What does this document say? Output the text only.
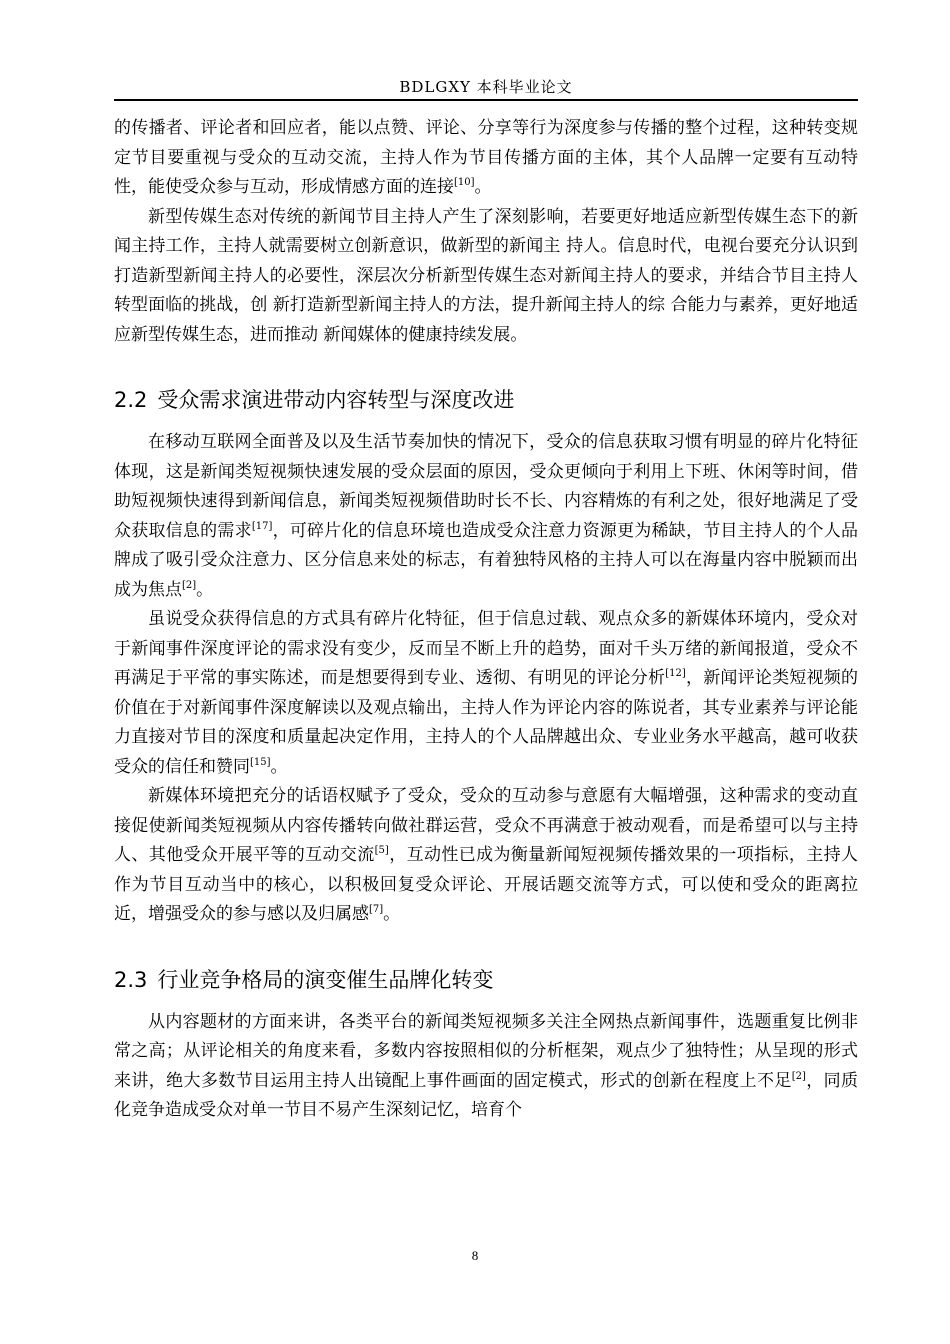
BDLGXY 本科毕业论文

的传播者、评论者和回应者，能以点赞、评论、分享等行为深度参与传播的整个过程，这种转变规定节目要重视与受众的互动交流，主持人作为节目传播方面的主体，其个人品牌一定要有互动特性，能使受众参与互动，形成情感方面的连接[10]。

新型传媒生态对传统的新闻节目主持人产生了深刻影响，若要更好地适应新型传媒生态下的新闻主持工作，主持人就需要树立创新意识，做新型的新闻主 持人。信息时代，电视台要充分认识到打造新型新闻主持人的必要性，深层次分析新型传媒生态对新闻主持人的要求，并结合节目主持人转型面临的挑战，创 新打造新型新闻主持人的方法，提升新闻主持人的综 合能力与素养，更好地适应新型传媒生态，进而推动 新闻媒体的健康持续发展。

2.2 受众需求演进带动内容转型与深度改进

在移动互联网全面普及以及生活节奏加快的情况下，受众的信息获取习惯有明显的碎片化特征体现，这是新闻类短视频快速发展的受众层面的原因，受众更倾向于利用上下班、休闲等时间，借助短视频快速得到新闻信息，新闻类短视频借助时长不长、内容精炼的有利之处，很好地满足了受众获取信息的需求[17]，可碎片化的信息环境也造成受众注意力资源更为稀缺，节目主持人的个人品牌成了吸引受众注意力、区分信息来处的标志，有着独特风格的主持人可以在海量内容中脱颖而出成为焦点[2]。

虽说受众获得信息的方式具有碎片化特征，但于信息过载、观点众多的新媒体环境内，受众对于新闻事件深度评论的需求没有变少，反而呈不断上升的趋势，面对千头万绪的新闻报道，受众不再满足于平常的事实陈述，而是想要得到专业、透彻、有明见的评论分析[12]，新闻评论类短视频的价值在于对新闻事件深度解读以及观点输出，主持人作为评论内容的陈说者，其专业素养与评论能力直接对节目的深度和质量起决定作用，主持人的个人品牌越出众、专业业务水平越高，越可收获受众的信任和赞同[15]。

新媒体环境把充分的话语权赋予了受众，受众的互动参与意愿有大幅增强，这种需求的变动直接促使新闻类短视频从内容传播转向做社群运营，受众不再满意于被动观看，而是希望可以与主持人、其他受众开展平等的互动交流[5]，互动性已成为衡量新闻短视频传播效果的一项指标，主持人作为节目互动当中的核心，以积极回复受众评论、开展话题交流等方式，可以使和受众的距离拉近，增强受众的参与感以及归属感[7]。

2.3 行业竞争格局的演变催生品牌化转变

从内容题材的方面来讲，各类平台的新闻类短视频多关注全网热点新闻事件，选题重复比例非常之高；从评论相关的角度来看，多数内容按照相似的分析框架，观点少了独特性；从呈现的形式来讲，绝大多数节目运用主持人出镜配上事件画面的固定模式，形式的创新在程度上不足[2]，同质化竞争造成受众对单一节目不易产生深刻记忆，培育个

8
